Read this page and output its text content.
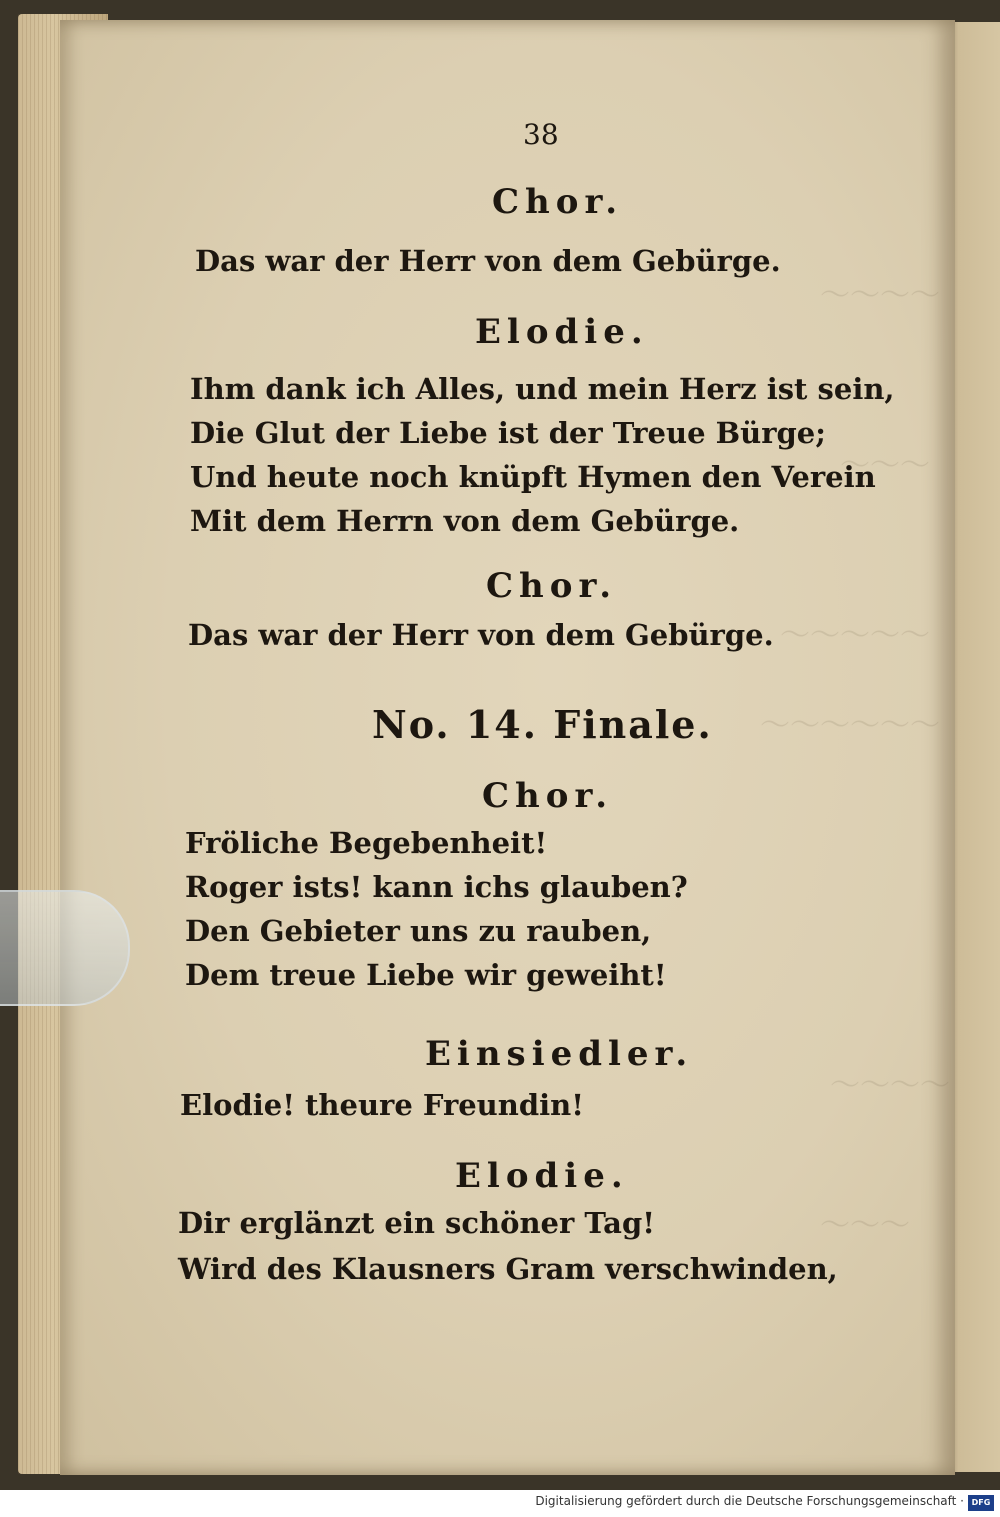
～～～～
～～～
～～～～～
～～～～～～
～～～～
～～～
38
Chor.
Das war der Herr von dem Gebürge.
Elodie.
Ihm dank ich Alles, und mein Herz ist sein,
Die Glut der Liebe ist der Treue Bürge;
Und heute noch knüpft Hymen den Verein
Mit dem Herrn von dem Gebürge.
Chor.
Das war der Herr von dem Gebürge.
No. 14. Finale.
Chor.
Fröliche Begebenheit!
Roger ists! kann ichs glauben?
Den Gebieter uns zu rauben,
Dem treue Liebe wir geweiht!
Einsiedler.
Elodie! theure Freundin!
Elodie.
Dir erglänzt ein schöner Tag!
Wird des Klausners Gram verschwinden,
Digitalisierung gefördert durch die Deutsche Forschungsgemeinschaft · DFG
